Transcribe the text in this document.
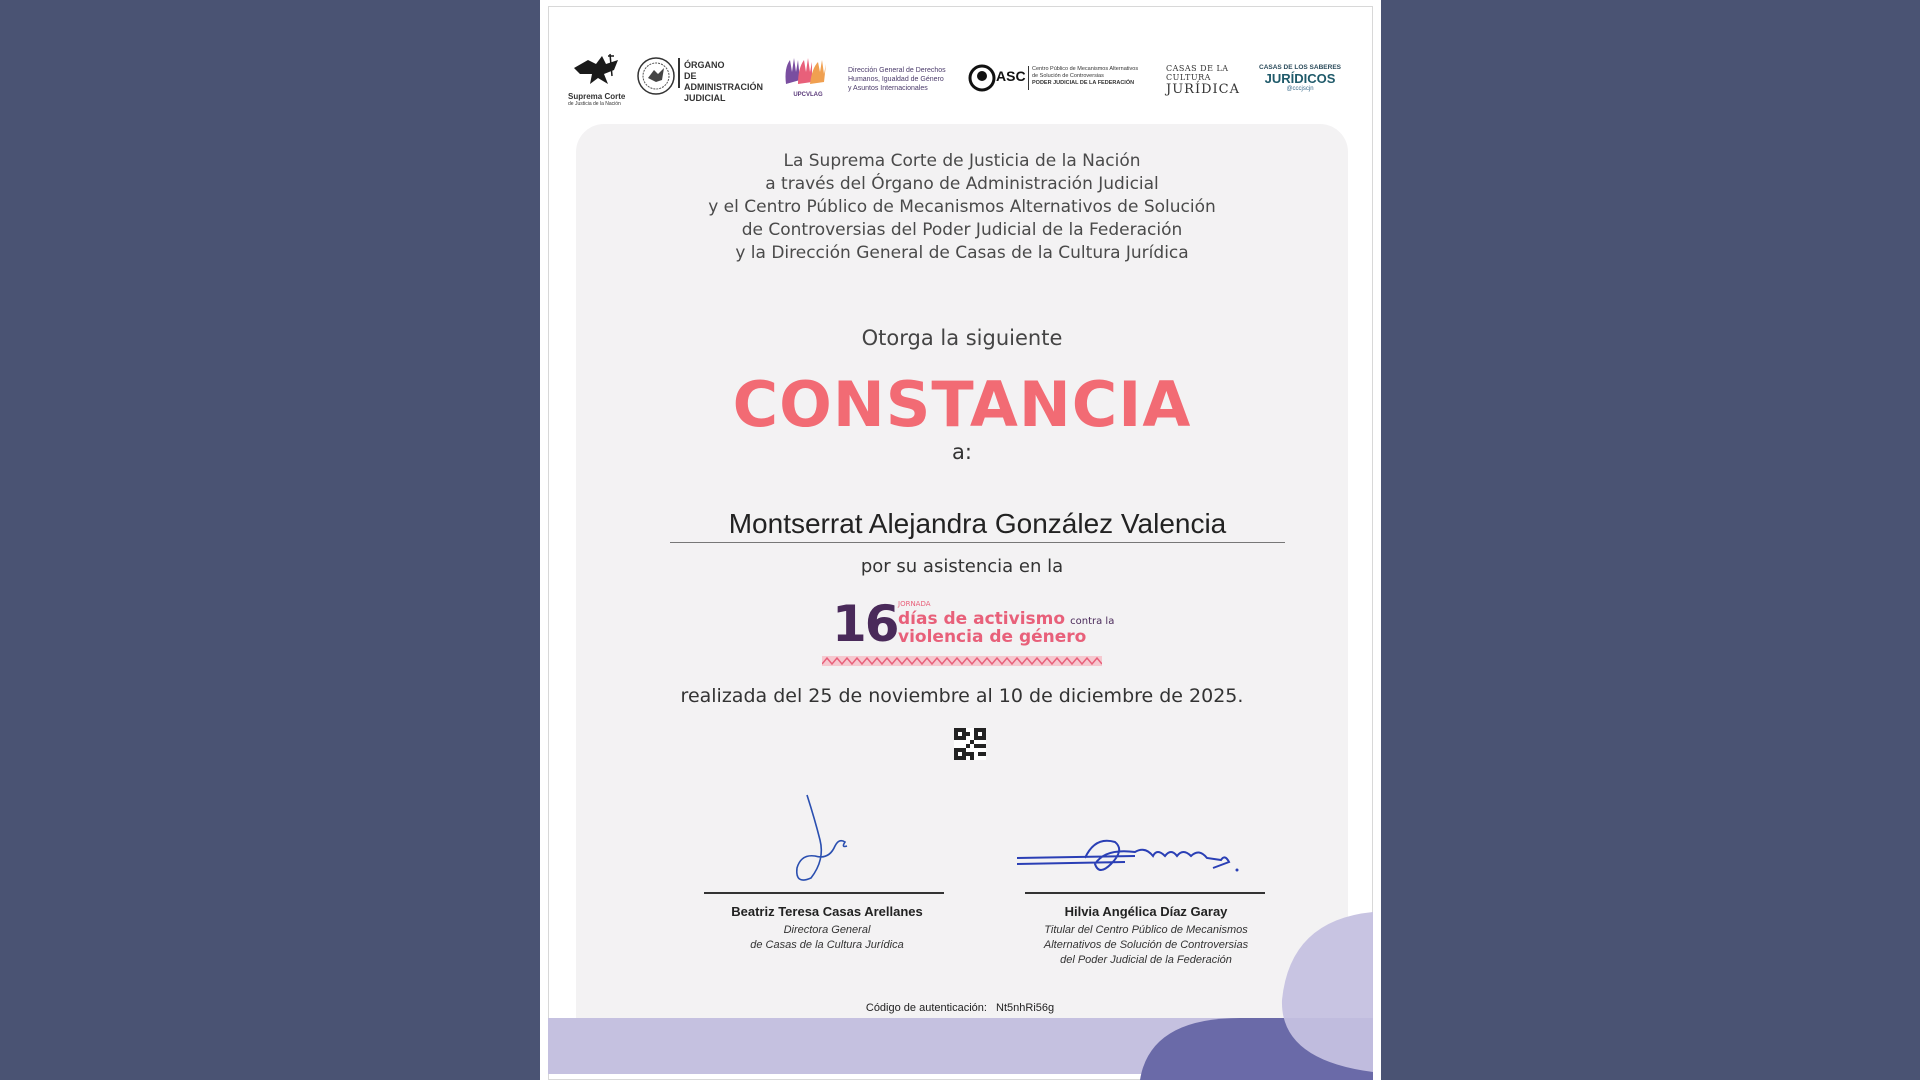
Suprema Corte
de Justicia de la Nación
ÓRGANO
DE ADMINISTRACIÓN
JUDICIAL	UPCVLAG
Dirección General de Derechos
Humanos, Igualdad de Género
y Asuntos Internacionales
ASC Centro Público de Mecanismos Alternativos
de Solución de Controversias
PODER JUDICIAL DE LA FEDERACIÓN
CASAS DE LA CULTURA
JURÍDICA
CASAS DE LOS SABERES
JURÍDICOS
@cccjscjn
La Suprema Corte de Justicia de la Nación
a través del Órgano de Administración Judicial
y el Centro Público de Mecanismos Alternativos de Solución
de Controversias del Poder Judicial de la Federación
y la Dirección General de Casas de la Cultura Jurídica
Otorga la siguiente
CONSTANCIA
a:
Montserrat Alejandra González Valencia
por su asistencia en la
16 JORNADA
días de activismo contra la
violencia de género
realizada del 25 de noviembre al 10 de diciembre de 2025.
Beatriz Teresa Casas Arellanes
Directora General
de Casas de la Cultura Jurídica
Hilvia Angélica Díaz Garay
Titular del Centro Público de Mecanismos
Alternativos de Solución de Controversias
del Poder Judicial de la Federación
Código de autenticación: Nt5nhRi56g
